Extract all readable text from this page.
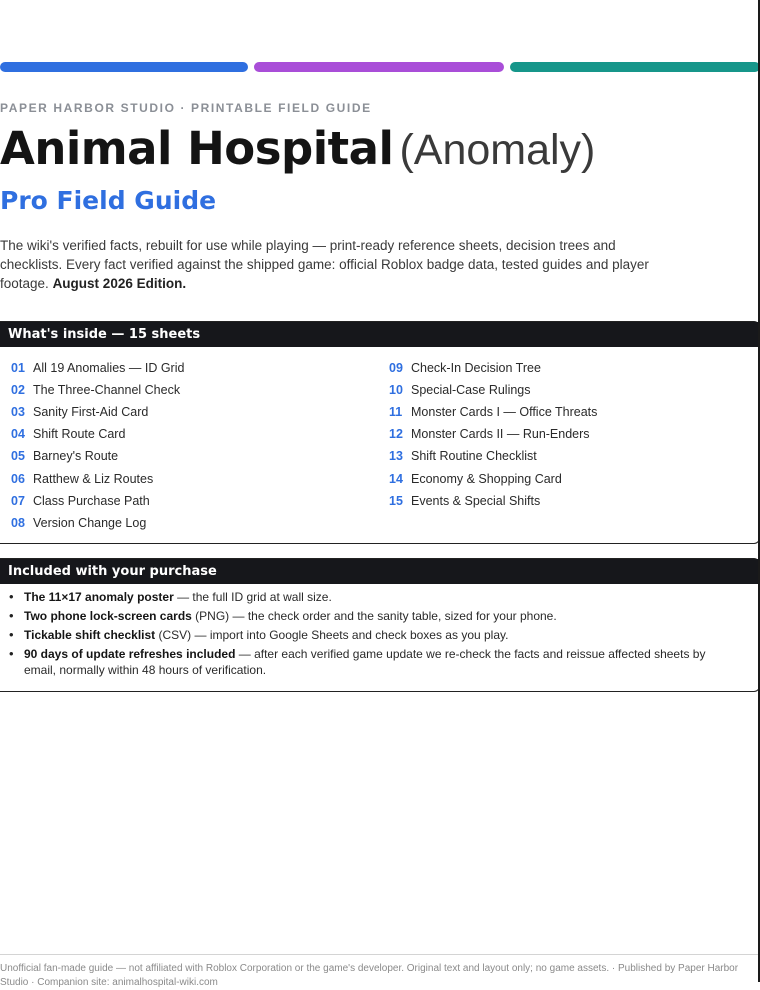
PAPER HARBOR STUDIO · PRINTABLE FIELD GUIDE
Animal Hospital (Anomaly)
Pro Field Guide

The wiki's verified facts, rebuilt for use while playing — print-ready reference sheets, decision trees and checklists. Every fact verified against the shipped game: official Roblox badge data, tested guides and player footage. August 2026 Edition.

What's inside — 15 sheets
01 All 19 Anomalies — ID Grid
02 The Three-Channel Check
03 Sanity First-Aid Card
04 Shift Route Card
05 Barney's Route
06 Ratthew & Liz Routes
07 Class Purchase Path
08 Version Change Log
09 Check-In Decision Tree
10 Special-Case Rulings
11 Monster Cards I — Office Threats
12 Monster Cards II — Run-Enders
13 Shift Routine Checklist
14 Economy & Shopping Card
15 Events & Special Shifts
Included with your purchase
• The 11×17 anomaly poster — the full ID grid at wall size.
• Two phone lock-screen cards (PNG) — the check order and the sanity table, sized for your phone.
• Tickable shift checklist (CSV) — import into Google Sheets and check boxes as you play.
• 90 days of update refreshes included — after each verified game update we re-check the facts and reissue affected sheets by email, normally within 48 hours of verification.
Unofficial fan-made guide — not affiliated with Roblox Corporation or the game's developer. Original text and layout only; no game assets. · Published by Paper Harbor Studio · Companion site: animalhospital-wiki.com
